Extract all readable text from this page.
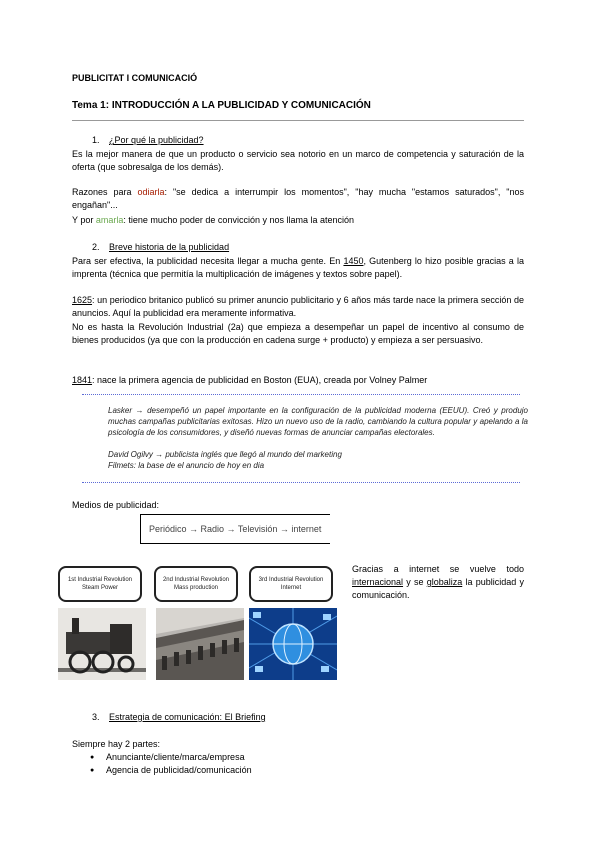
PUBLICITAT I COMUNICACIÓ
Tema 1: INTRODUCCIÓN A LA PUBLICIDAD Y COMUNICACIÓN
1. ¿Por qué la publicidad?
Es la mejor manera de que un producto o servicio sea notorio en un marco de competencia y saturación de la oferta (que sobresalga de los demás).
Razones para odiarla: "se dedica a interrumpir los momentos", "hay mucha "estamos saturados", "nos engañan"...
Y por amarla: tiene mucho poder de convicción y nos llama la atención
2. Breve historia de la publicidad
Para ser efectiva, la publicidad necesita llegar a mucha gente. En 1450, Gutenberg lo hizo posible gracias a la imprenta (técnica que permitía la multiplicación de imágenes y textos sobre papel).
1625: un periodico britanico publicó su primer anuncio publicitario y 6 años más tarde nace la primera sección de anuncios. Aquí la publicidad era meramente informativa.
No es hasta la Revolución Industrial (2a) que empieza a desempeñar un papel de incentivo al consumo de bienes producidos (ya que con la producción en cadena surge + producto) y empieza a ser persuasivo.
1841: nace la primera agencia de publicidad en Boston (EUA), creada por Volney Palmer
Lasker → desempeñó un papel importante en la configuración de la publicidad moderna (EEUU). Creó y produjo muchas campañas publicitarias exitosas. Hizo un nuevo uso de la radio, cambiando la cultura popular y apelando a la psicología de los consumidores, y diseñó nuevas formas de anunciar campañas electorales.
David Ogilvy → publicista inglés que llegó al mundo del marketing
Filmets: la base de el anuncio de hoy en dia
Medios de publicidad:
Periódico → Radio → Televisión → internet
1st Industrial Revolution
Steam Power
2nd Industrial Revolution
Mass production
3rd Industrial Revolution
Internet
Gracias a internet se vuelve todo internacional y se globaliza la publicidad y comunicación.
3. Estrategia de comunicación: El Briefing
Siempre hay 2 partes:
● Anunciante/cliente/marca/empresa
● Agencia de publicidad/comunicación
